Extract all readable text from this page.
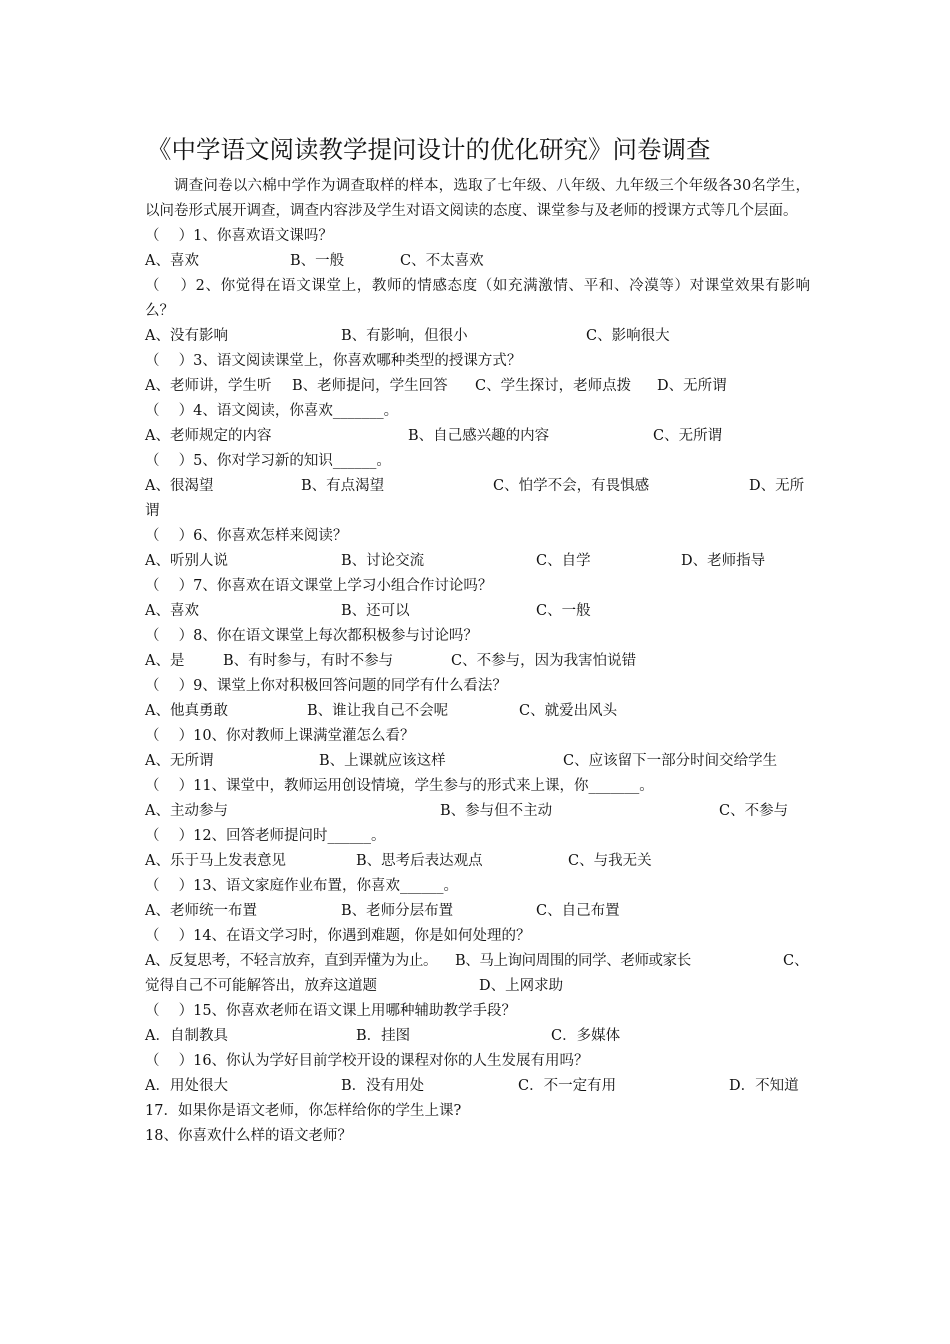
《中学语文阅读教学提问设计的优化研究》问卷调查

调查问卷以六棉中学作为调查取样的样本，选取了七年级、八年级、九年级三个年级各30名学生，以问卷形式展开调查，调查内容涉及学生对语文阅读的态度、课堂参与及老师的授课方式等几个层面。

（　 ）1、你喜欢语文课吗？
A、喜欢	B、一般	C、不太喜欢
（　 ）2、你觉得在语文课堂上，教师的情感态度（如充满激情、平和、冷漠等）对课堂效果有影响么？
A、没有影响	B、有影响，但很小	C、影响很大
（　 ）3、语文阅读课堂上，你喜欢哪种类型的授课方式？
A、老师讲，学生听 B、老师提问，学生回答 C、学生探讨，老师点拨 D、无所谓
（　 ）4、语文阅读，你喜欢_______。
A、老师规定的内容	B、自己感兴趣的内容	C、无所谓
（　 ）5、你对学习新的知识______。
A、很渴望	B、有点渴望	C、怕学不会，有畏惧感	D、无所
谓
（　 ）6、你喜欢怎样来阅读？
A、听别人说	B、讨论交流	C、自学	D、老师指导
（　 ）7、你喜欢在语文课堂上学习小组合作讨论吗？
A、喜欢	B、还可以	C、一般
（　 ）8、你在语文课堂上每次都积极参与讨论吗？
A、是	B、有时参与，有时不参与	C、不参与，因为我害怕说错
（　 ）9、课堂上你对积极回答问题的同学有什么看法？
A、他真勇敢	B、谁让我自己不会呢	C、就爱出风头
（　 ）10、你对教师上课满堂灌怎么看？
A、无所谓	B、上课就应该这样	C、应该留下一部分时间交给学生
（　 ）11、课堂中，教师运用创设情境，学生参与的形式来上课，你_______。
A、主动参与	B、参与但不主动	C、不参与
（　 ）12、回答老师提问时______。
A、乐于马上发表意见	B、思考后表达观点	C、与我无关
（　 ）13、语文家庭作业布置，你喜欢______。
A、老师统一布置	B、老师分层布置	C、自己布置
（　 ）14、在语文学习时，你遇到难题，你是如何处理的？
A、反复思考，不轻言放弃，直到弄懂为为止。 B、马上询问周围的同学、老师或家长	C、
觉得自己不可能解答出，放弃这道题	D、上网求助
（　 ）15、你喜欢老师在语文课上用哪种辅助教学手段？
A．自制教具	B．挂图	C．多媒体
（　 ）16、你认为学好目前学校开设的课程对你的人生发展有用吗？
A．用处很大	B．没有用处	C．不一定有用	D．不知道
17．如果你是语文老师，你怎样给你的学生上课?
18、你喜欢什么样的语文老师？
